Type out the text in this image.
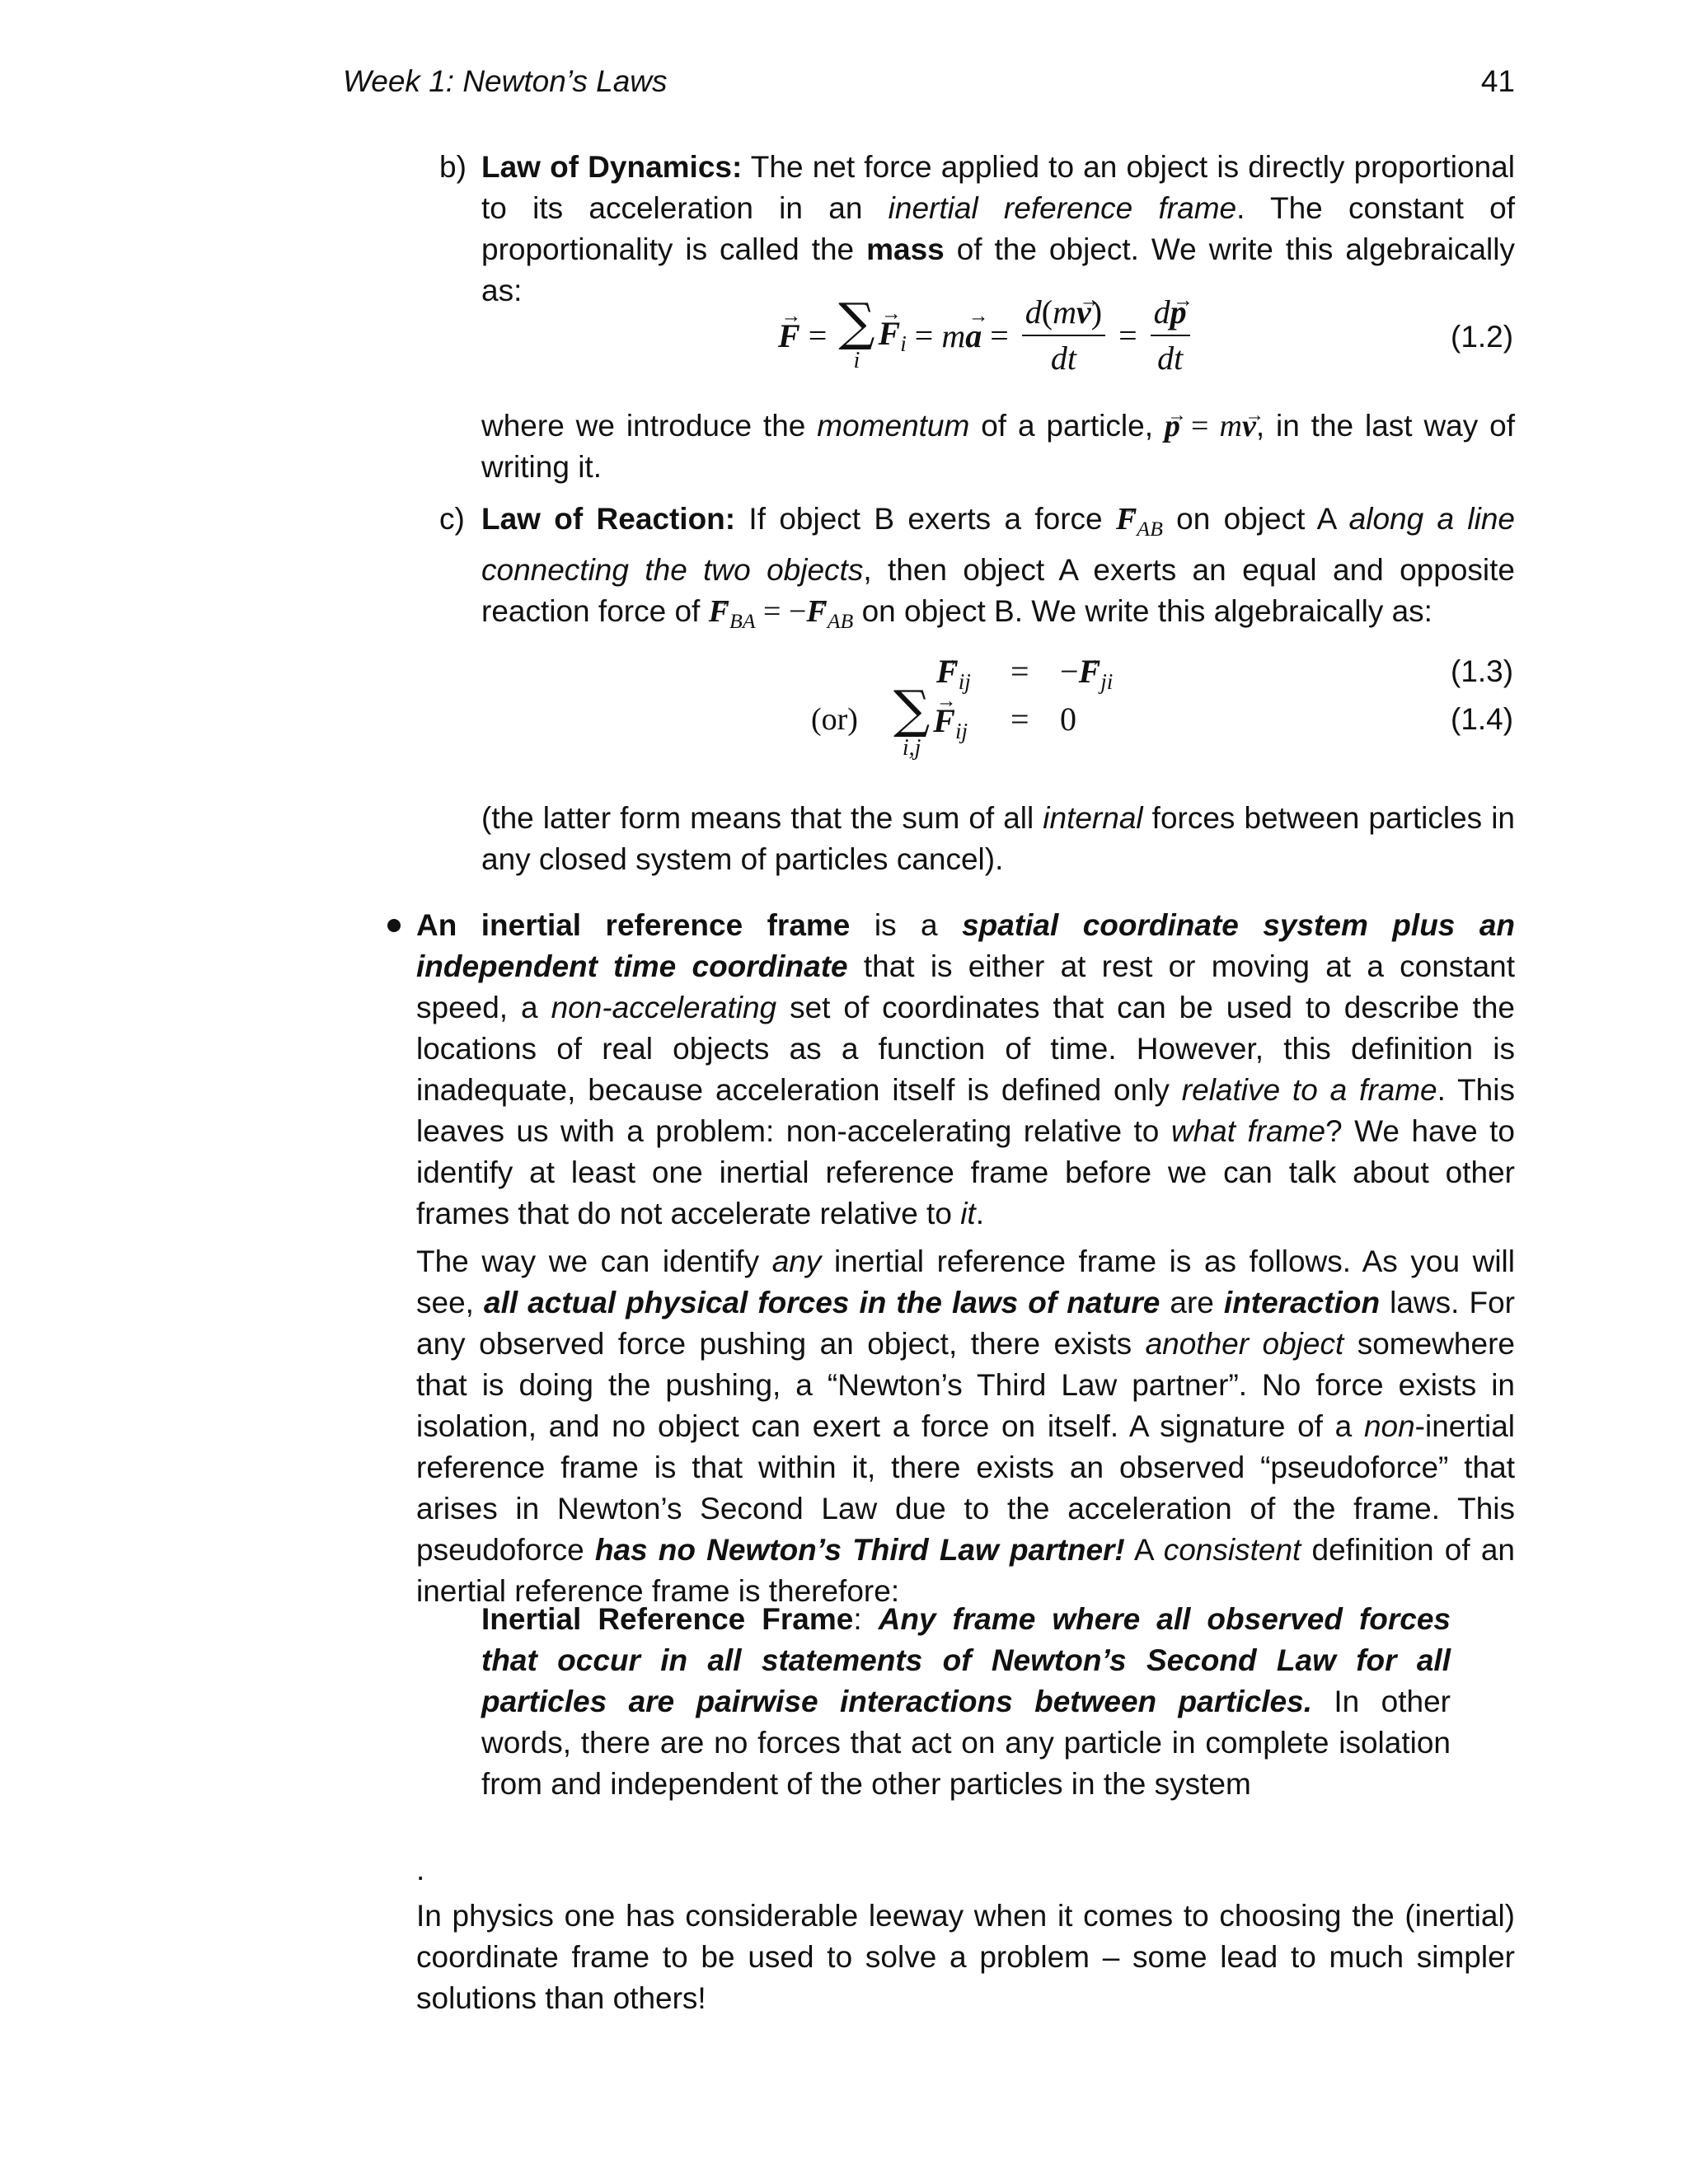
Week 1: Newton’s Laws	41
b) Law of Dynamics: The net force applied to an object is directly proportional to its acceleration in an inertial reference frame. The constant of proportionality is called the mass of the object. We write this algebraically as:
→ F = ∑
i
→ $F_i = m\to a = \frac{d(m\to v)}{dt} = \frac{d\to p}{dt}$	(1.2)
where we introduce the momentum of a particle, → p = m→ v, in the last way of writing it.
c) Law of Reaction: If object B exerts a force → $F_{AB}$ on object A along a line connecting the two objects, then object A exerts an equal and opposite reaction force of → $F_{BA}$ = −→ $F_{AB}$ on object B. We write this algebraically as:
→ $F_{ij}$ = −→ $F_{ji}$	(1.3)
(or) ∑
i,j
→ $F_{ij} = 0$	(1.4)
(the latter form means that the sum of all internal forces between particles in any closed system of particles cancel).
An inertial reference frame is a spatial coordinate system plus an independent time coordinate that is either at rest or moving at a constant speed, a non-accelerating set of coordinates that can be used to describe the locations of real objects as a function of time. However, this definition is inadequate, because acceleration itself is defined only relative to a frame. This leaves us with a problem: non-accelerating relative to what frame? We have to identify at least one inertial reference frame before we can talk about other frames that do not accelerate relative to it.
The way we can identify any inertial reference frame is as follows. As you will see, all actual physical forces in the laws of nature are interaction laws. For any observed force pushing an object, there exists another object somewhere that is doing the pushing, a “Newton’s Third Law partner”. No force exists in isolation, and no object can exert a force on itself. A signature of a non-inertial reference frame is that within it, there exists an observed “pseudoforce” that arises in Newton’s Second Law due to the acceleration of the frame. This pseudoforce has no Newton’s Third Law partner! A consistent definition of an inertial reference frame is therefore:
Inertial Reference Frame: Any frame where all observed forces that occur in all statements of Newton’s Second Law for all particles are pairwise interactions between particles. In other words, there are no forces that act on any particle in complete isolation from and independent of the other particles in the system
.
In physics one has considerable leeway when it comes to choosing the (inertial) coordinate frame to be used to solve a problem – some lead to much simpler solutions than others!
